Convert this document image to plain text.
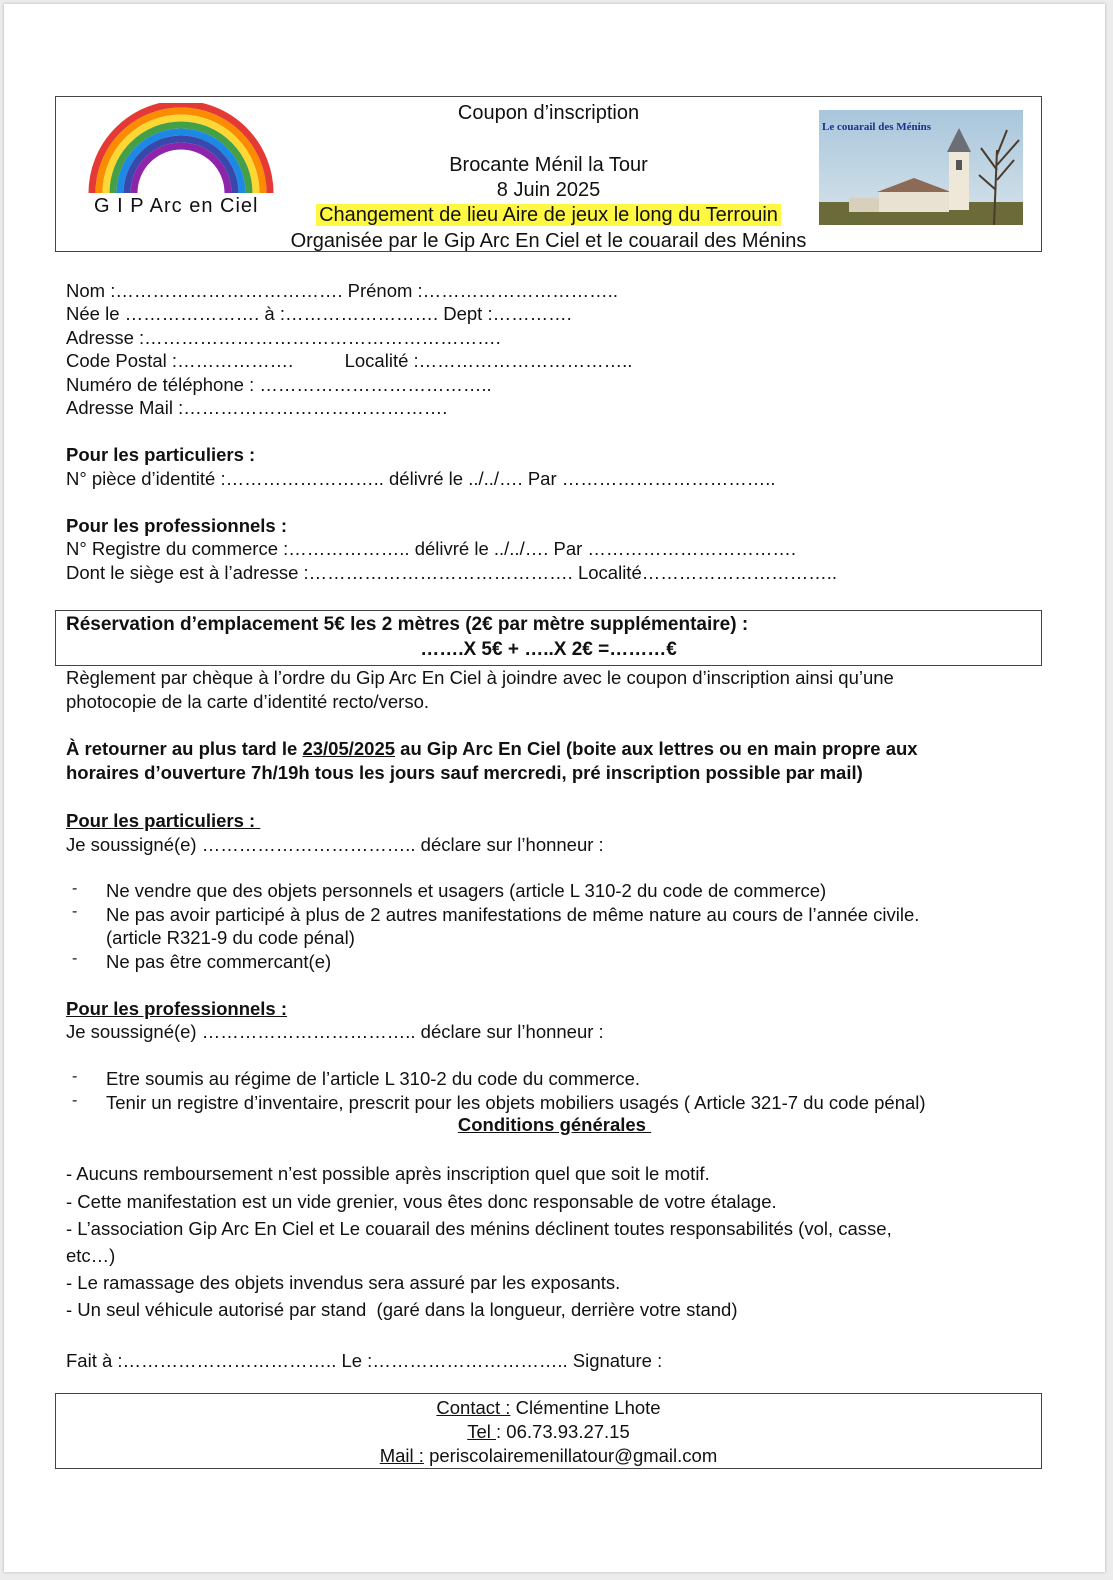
G I P Arc en Ciel
Coupon d’inscription
Brocante Ménil la Tour
8 Juin 2025
Changement de lieu Aire de jeux le long du Terrouin
Organisée par le Gip Arc En Ciel et le couarail des Ménins
Le couarail des Ménins
Nom :………………………………. Prénom :…………………………..
Née le …………………. à :……………………. Dept :………….
Adresse :………………………………………………….
Code Postal :……………….          Localité :……………………………..
Numéro de téléphone : ………………………………..
Adresse Mail :…………………………………….
Pour les particuliers :
N° pièce d’identité :…………………….. délivré le ../../…. Par ……………………………..
Pour les professionnels :
N° Registre du commerce :……………….. délivré le ../../…. Par …………………………….
Dont le siège est à l’adresse :……………………………………. Localité…………………………..
Réservation d’emplacement 5€ les 2 mètres (2€ par mètre supplémentaire) :
…….X 5€ + …..X 2€ =………€
Règlement par chèque à l’ordre du Gip Arc En Ciel à joindre avec le coupon d’inscription ainsi qu’une
photocopie de la carte d’identité recto/verso.
À retourner au plus tard le 23/05/2025 au Gip Arc En Ciel (boite aux lettres ou en main propre aux
horaires d’ouverture 7h/19h tous les jours sauf mercredi, pré inscription possible par mail)
Pour les particuliers :
Je soussigné(e) …………………………….. déclare sur l’honneur :
- Ne vendre que des objets personnels et usagers (article L 310-2 du code de commerce)
- Ne pas avoir participé à plus de 2 autres manifestations de même nature au cours de l’année civile.
(article R321-9 du code pénal)
- Ne pas être commercant(e)
Pour les professionnels :
Je soussigné(e) …………………………….. déclare sur l’honneur :
- Etre soumis au régime de l’article L 310-2 du code du commerce.
- Tenir un registre d’inventaire, prescrit pour les objets mobiliers usagés ( Article 321-7 du code pénal)
Conditions générales
- Aucuns remboursement n’est possible après inscription quel que soit le motif.
- Cette manifestation est un vide grenier, vous êtes donc responsable de votre étalage.
- L’association Gip Arc En Ciel et Le couarail des ménins déclinent toutes responsabilités (vol, casse,
etc…)
- Le ramassage des objets invendus sera assuré par les exposants.
- Un seul véhicule autorisé par stand  (garé dans la longueur, derrière votre stand)
Fait à :…………………………….. Le :………………………….. Signature :
Contact : Clémentine Lhote
Tel : 06.73.93.27.15
Mail : periscolairemenillatour@gmail.com
